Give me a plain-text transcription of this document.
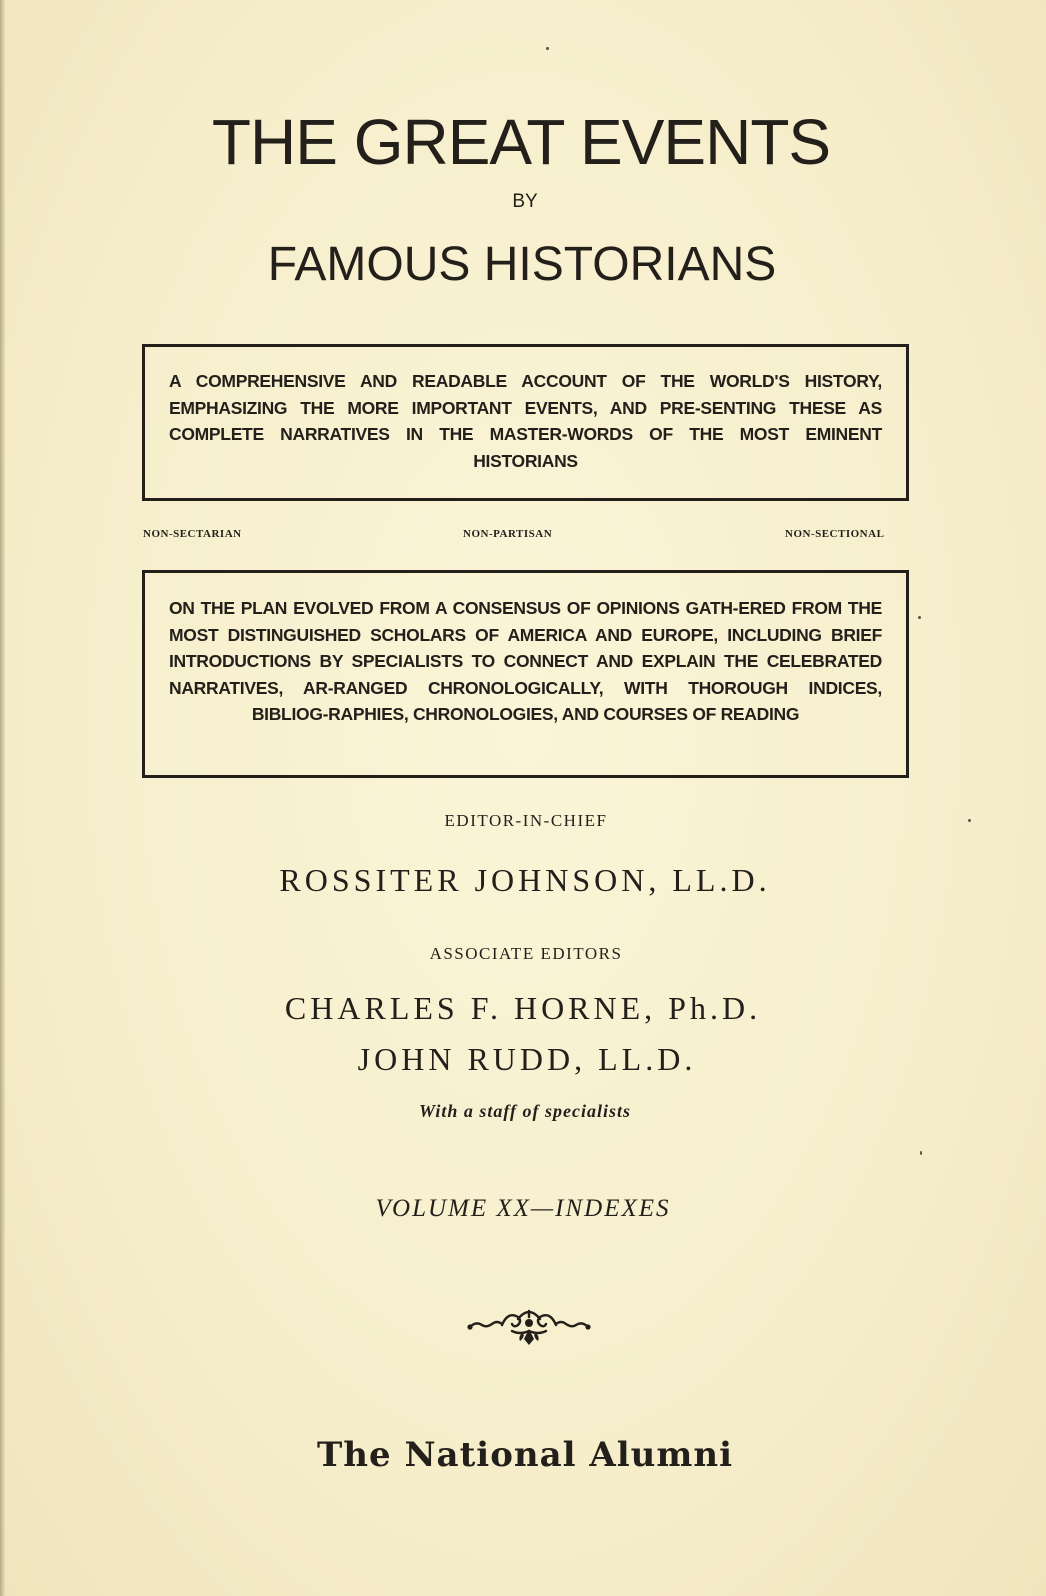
THE GREAT EVENTS
BY
FAMOUS HISTORIANS

A COMPREHENSIVE AND READABLE ACCOUNT OF THE WORLD'S HISTORY, EMPHASIZING THE MORE IMPORTANT EVENTS, AND PRE-SENTING THESE AS COMPLETE NARRATIVES IN THE MASTER-WORDS OF THE MOST EMINENT HISTORIANS

NON-SECTARIAN	NON-PARTISAN	NON-SECTIONAL

ON THE PLAN EVOLVED FROM A CONSENSUS OF OPINIONS GATH-ERED FROM THE MOST DISTINGUISHED SCHOLARS OF AMERICA AND EUROPE, INCLUDING BRIEF INTRODUCTIONS BY SPECIALISTS TO CONNECT AND EXPLAIN THE CELEBRATED NARRATIVES, AR-RANGED CHRONOLOGICALLY, WITH THOROUGH INDICES, BIBLIOG-RAPHIES, CHRONOLOGIES, AND COURSES OF READING

EDITOR-IN-CHIEF
ROSSITER JOHNSON, LL.D.
ASSOCIATE EDITORS
CHARLES F. HORNE, Ph.D.
JOHN RUDD, LL.D.
With a staff of specialists
VOLUME XX—INDEXES
The National Alumni
